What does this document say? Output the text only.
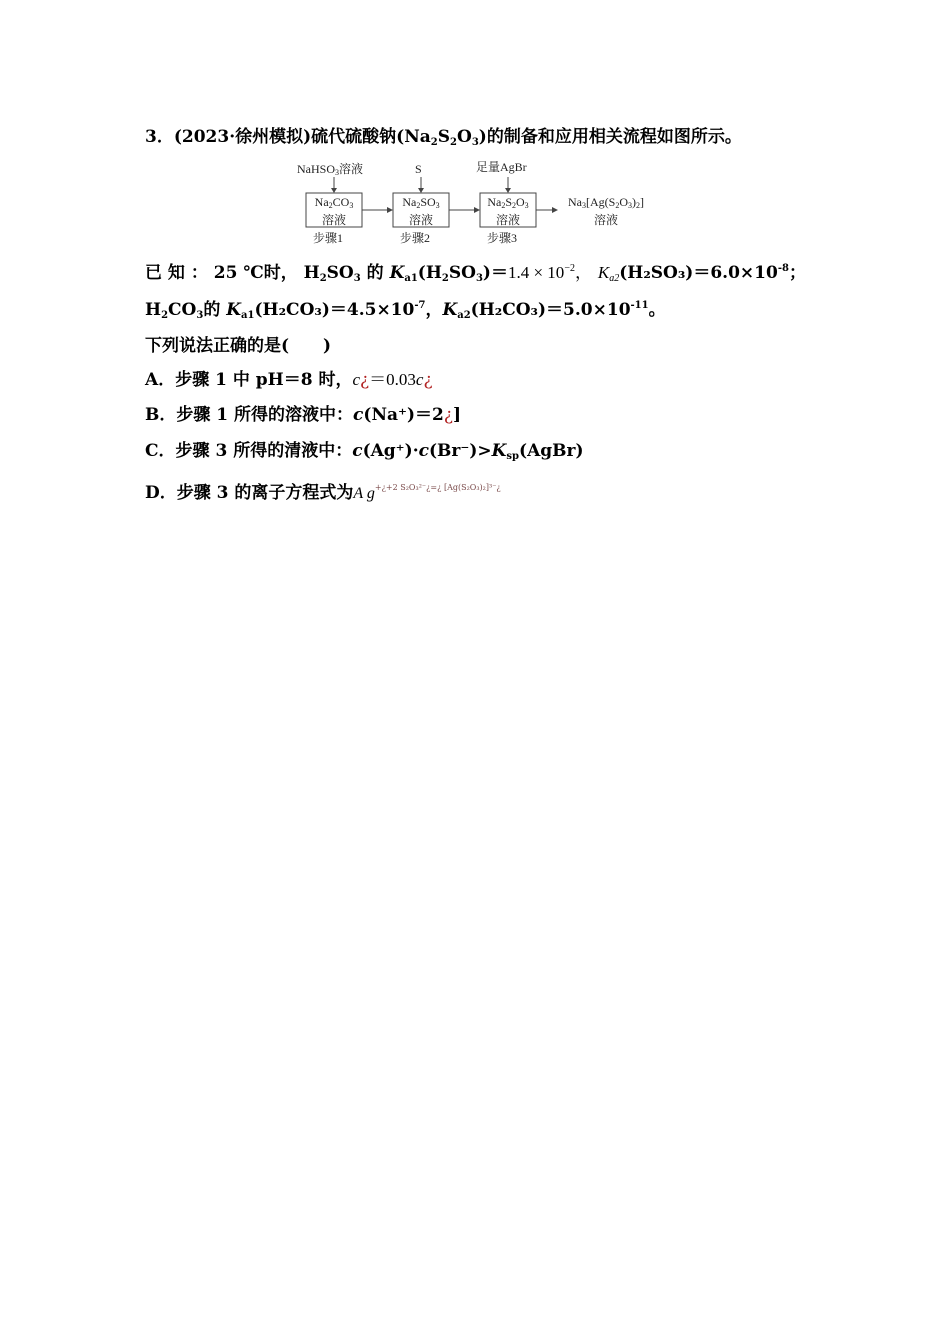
3．(2023·徐州模拟)硫代硫酸钠$(Na_2S_2O_3)$的制备和应用相关流程如图所示。
NaHSO3溶液	S	足量AgBr
Na2CO3
溶液
Na2SO3
溶液
Na2S2O3
溶液
Na3[Ag(S2O3)2]
溶液
步骤1	步骤2	步骤3
已 知 ： 25 ℃时， $H_2SO_3$ 的 $K_{a1}(H_2SO_3)=1.4 \times 10^{-2}$， $K_{a2}(H_2SO_3)=6.0\times 10^{-8}$；
$H_2CO_3$的 $K_{a1}(H_2CO_3)=4.5\times 10^{-7}$，$K_{a2}(H_2CO_3)=5.0\times 10^{-11}$。
下列说法正确的是(　　)
A．步骤 1 中 pH＝8 时，c¿＝0.03c¿
B．步骤 1 所得的溶液中：c(Na⁺)＝2¿]
C．步骤 3 所得的清液中：$c(Ag^+)\cdot c(Br^-)>K_{sp}(AgBr)$
D．步骤 3 的离子方程式为A $g^{+¿+2 S_2O_3^{2-}¿=¿ [Ag(S_2O_3)_2]^{3-}¿}$
